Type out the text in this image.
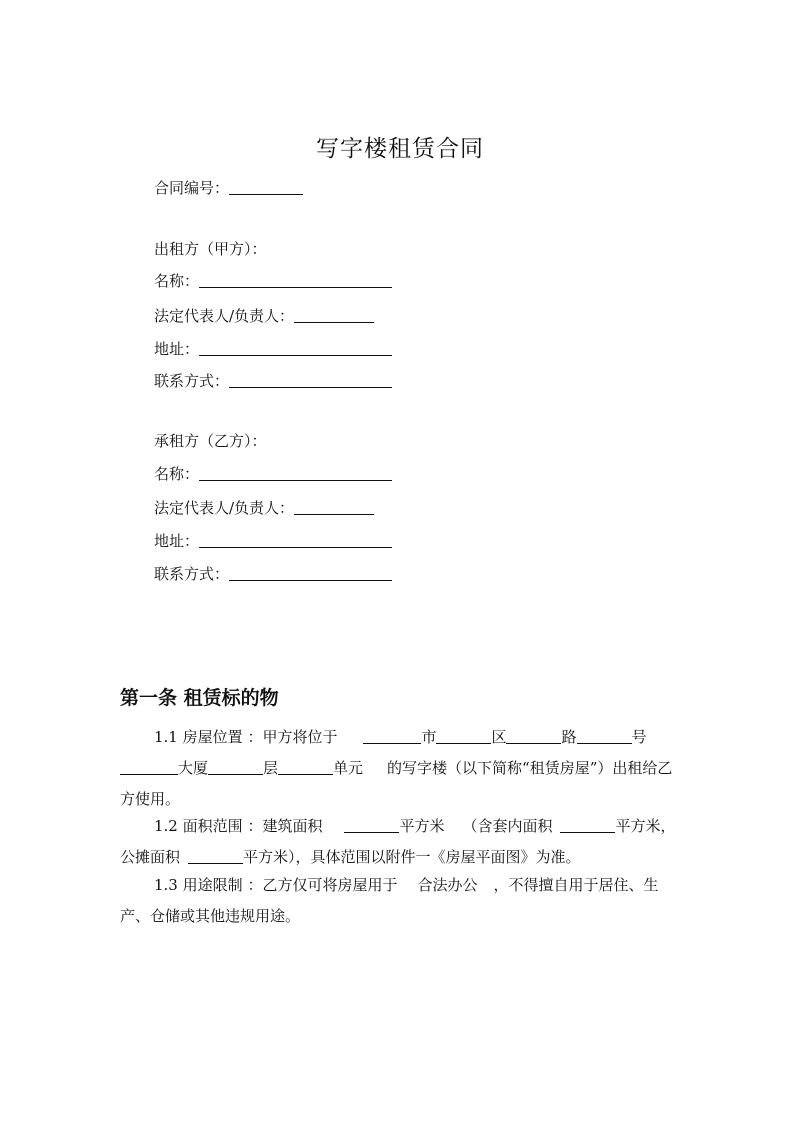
写字楼租赁合同
合同编号：
出租方（甲方）：
名称：
法定代表人/负责人：
地址：
联系方式：
承租方（乙方）：
名称：
法定代表人/负责人：
地址：
联系方式：
第一条 租赁标的物
1.1 房屋位置 ：甲方将位于	市	区	路	号
大厦	层	单元 的写字楼（以下简称“租赁房屋”）出租给乙方使用。
1.2 面积范围 ：建筑面积	平方米 （含套内面积	平方米，公摊面积	平方米），具体范围以附件一《房屋平面图》为准。
1.3 用途限制 ：乙方仅可将房屋用于 合法办公 ，不得擅自用于居住、生产、仓储或其他违规用途。
